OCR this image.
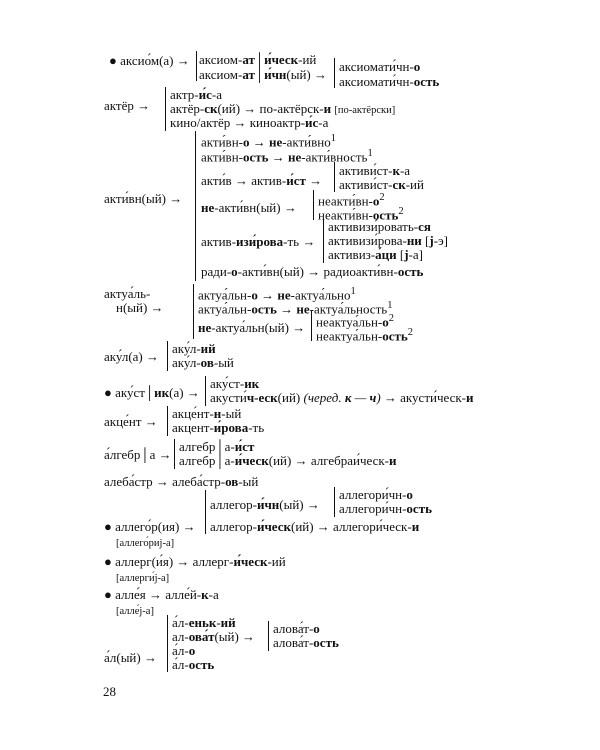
● аксио́м(а) → аксиом-ат│и́ческ-ий
аксиом-ат│и́чн(ый) →
аксиомати́чн-о
аксиомати́чн-ость
актёр →
актр-и́с-а
актёр-ск(ий) → по-актёрск-и [по-актёрски]
кино/актёр → киноактр-и́с-а
акти́вн(ый) →
акти́вн-о → не-акти́вно$^1$
акти́вн-ость → не-акти́вность$^1$
акти́в → актив-и́ст →
активи́ст-к-а
активи́ст-ск-ий
не-акти́вн(ый) → $неакти́вн-о^2$
неакти́вн-ость$^2$
актив-изи́рова-ть →
активизи́ровать-ся
активизи́рова-ни [j-э]
активиз-а́ци [j-а]
ради-о-акти́вн(ый) → радиоакти́вн-ость
актуа́ль-
н(ый) →
актуа́льн-о → не-актуа́льно$^1$
актуа́льн-ость → не-актуа́льность$^1$
не-актуа́льн(ый) → $неактуа́льн-о^2$
неактуа́льн-ость$^2$
аку́л(а) →
аку́л-ий
аку́л-ов-ый
● аку́ст│ик(а) →
аку́ст-ик
акусти́ч-еск(ий) (черед. к — ч) → акусти́ческ-и
акце́нт →
акце́нт-н-ый
акцент-и́рова-ть
а́лгебр│а →
алгебр│а-и́ст
алгебр│а-и́ческ(ий) → алгебраи́ческ-и
алеба́стр → алеба́стр-ов-ый
● аллего́р(ия) →
[аллего́риj-а]
аллегор-и́чн(ый) →
аллегори́чн-о
аллегори́чн-ость
аллегор-и́ческ(ий) → аллегори́ческ-и
● аллерг(и́я) → аллерг-и́ческ-ий
[аллерги́j-а]
● алле́я → алле́й-к-а
[алле́j-а]
а́л(ый) →
а́л-еньк-ий
ал-ова́т(ый) →
алова́т-о
алова́т-ость
а́л-о
а́л-ость
28
